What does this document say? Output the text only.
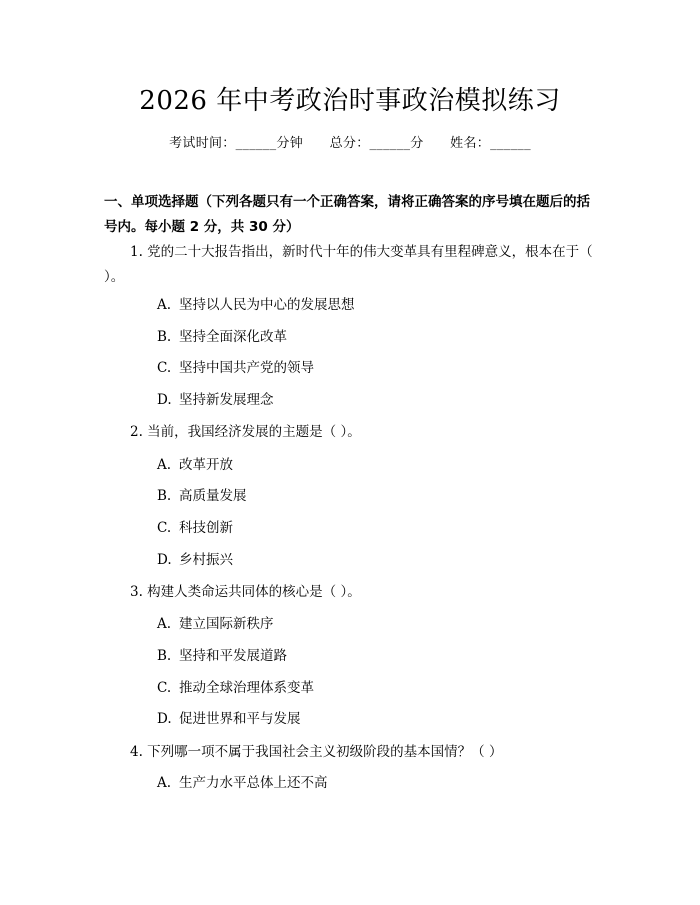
2026 年中考政治时事政治模拟练习
考试时间：______分钟      总分：______分      姓名：______
一、单项选择题（下列各题只有一个正确答案，请将正确答案的序号填在题后的括号内。每小题 2 分，共 30 分）
1. 党的二十大报告指出，新时代十年的伟大变革具有里程碑意义，根本在于（ ）。
A. 坚持以人民为中心的发展思想
B. 坚持全面深化改革
C. 坚持中国共产党的领导
D. 坚持新发展理念
2. 当前，我国经济发展的主题是（ ）。
A. 改革开放
B. 高质量发展
C. 科技创新
D. 乡村振兴
3. 构建人类命运共同体的核心是（ ）。
A. 建立国际新秩序
B. 坚持和平发展道路
C. 推动全球治理体系变革
D. 促进世界和平与发展
4. 下列哪一项不属于我国社会主义初级阶段的基本国情？（ ）
A. 生产力水平总体上还不高
